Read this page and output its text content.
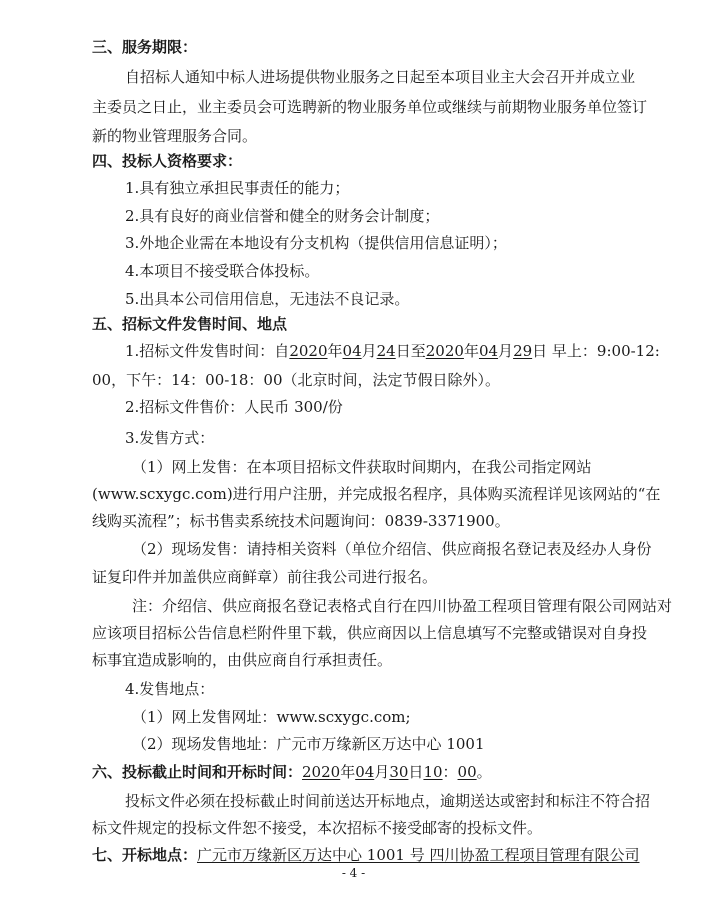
三、服务期限：
自招标人通知中标人进场提供物业服务之日起至本项目业主大会召开并成立业
主委员之日止，业主委员会可选聘新的物业服务单位或继续与前期物业服务单位签订
新的物业管理服务合同。
四、投标人资格要求：
1.具有独立承担民事责任的能力；
2.具有良好的商业信誉和健全的财务会计制度；
3.外地企业需在本地设有分支机构（提供信用信息证明）；
4.本项目不接受联合体投标。
5.出具本公司信用信息，无违法不良记录。
五、招标文件发售时间、地点
1.招标文件发售时间：自2020年04月24日至2020年04月29日 早上：9:00-12:
00，下午：14：00-18：00（北京时间，法定节假日除外）。
2.招标文件售价：人民币 300/份
3.发售方式：
（1）网上发售：在本项目招标文件获取时间期内，在我公司指定网站
(www.scxygc.com)进行用户注册，并完成报名程序，具体购买流程详见该网站的“在
线购买流程”；标书售卖系统技术问题询问：0839-3371900。
（2）现场发售：请持相关资料（单位介绍信、供应商报名登记表及经办人身份
证复印件并加盖供应商鲜章）前往我公司进行报名。
注：介绍信、供应商报名登记表格式自行在四川协盈工程项目管理有限公司网站对
应该项目招标公告信息栏附件里下载，供应商因以上信息填写不完整或错误对自身投
标事宜造成影响的，由供应商自行承担责任。
4.发售地点：
（1）网上发售网址：www.scxygc.com;
（2）现场发售地址：广元市万缘新区万达中心 1001
六、投标截止时间和开标时间：2020年04月30日10：00。
投标文件必须在投标截止时间前送达开标地点，逾期送达或密封和标注不符合招
标文件规定的投标文件恕不接受，本次招标不接受邮寄的投标文件。
七、开标地点：广元市万缘新区万达中心 1001 号 四川协盈工程项目管理有限公司
- 4 -
